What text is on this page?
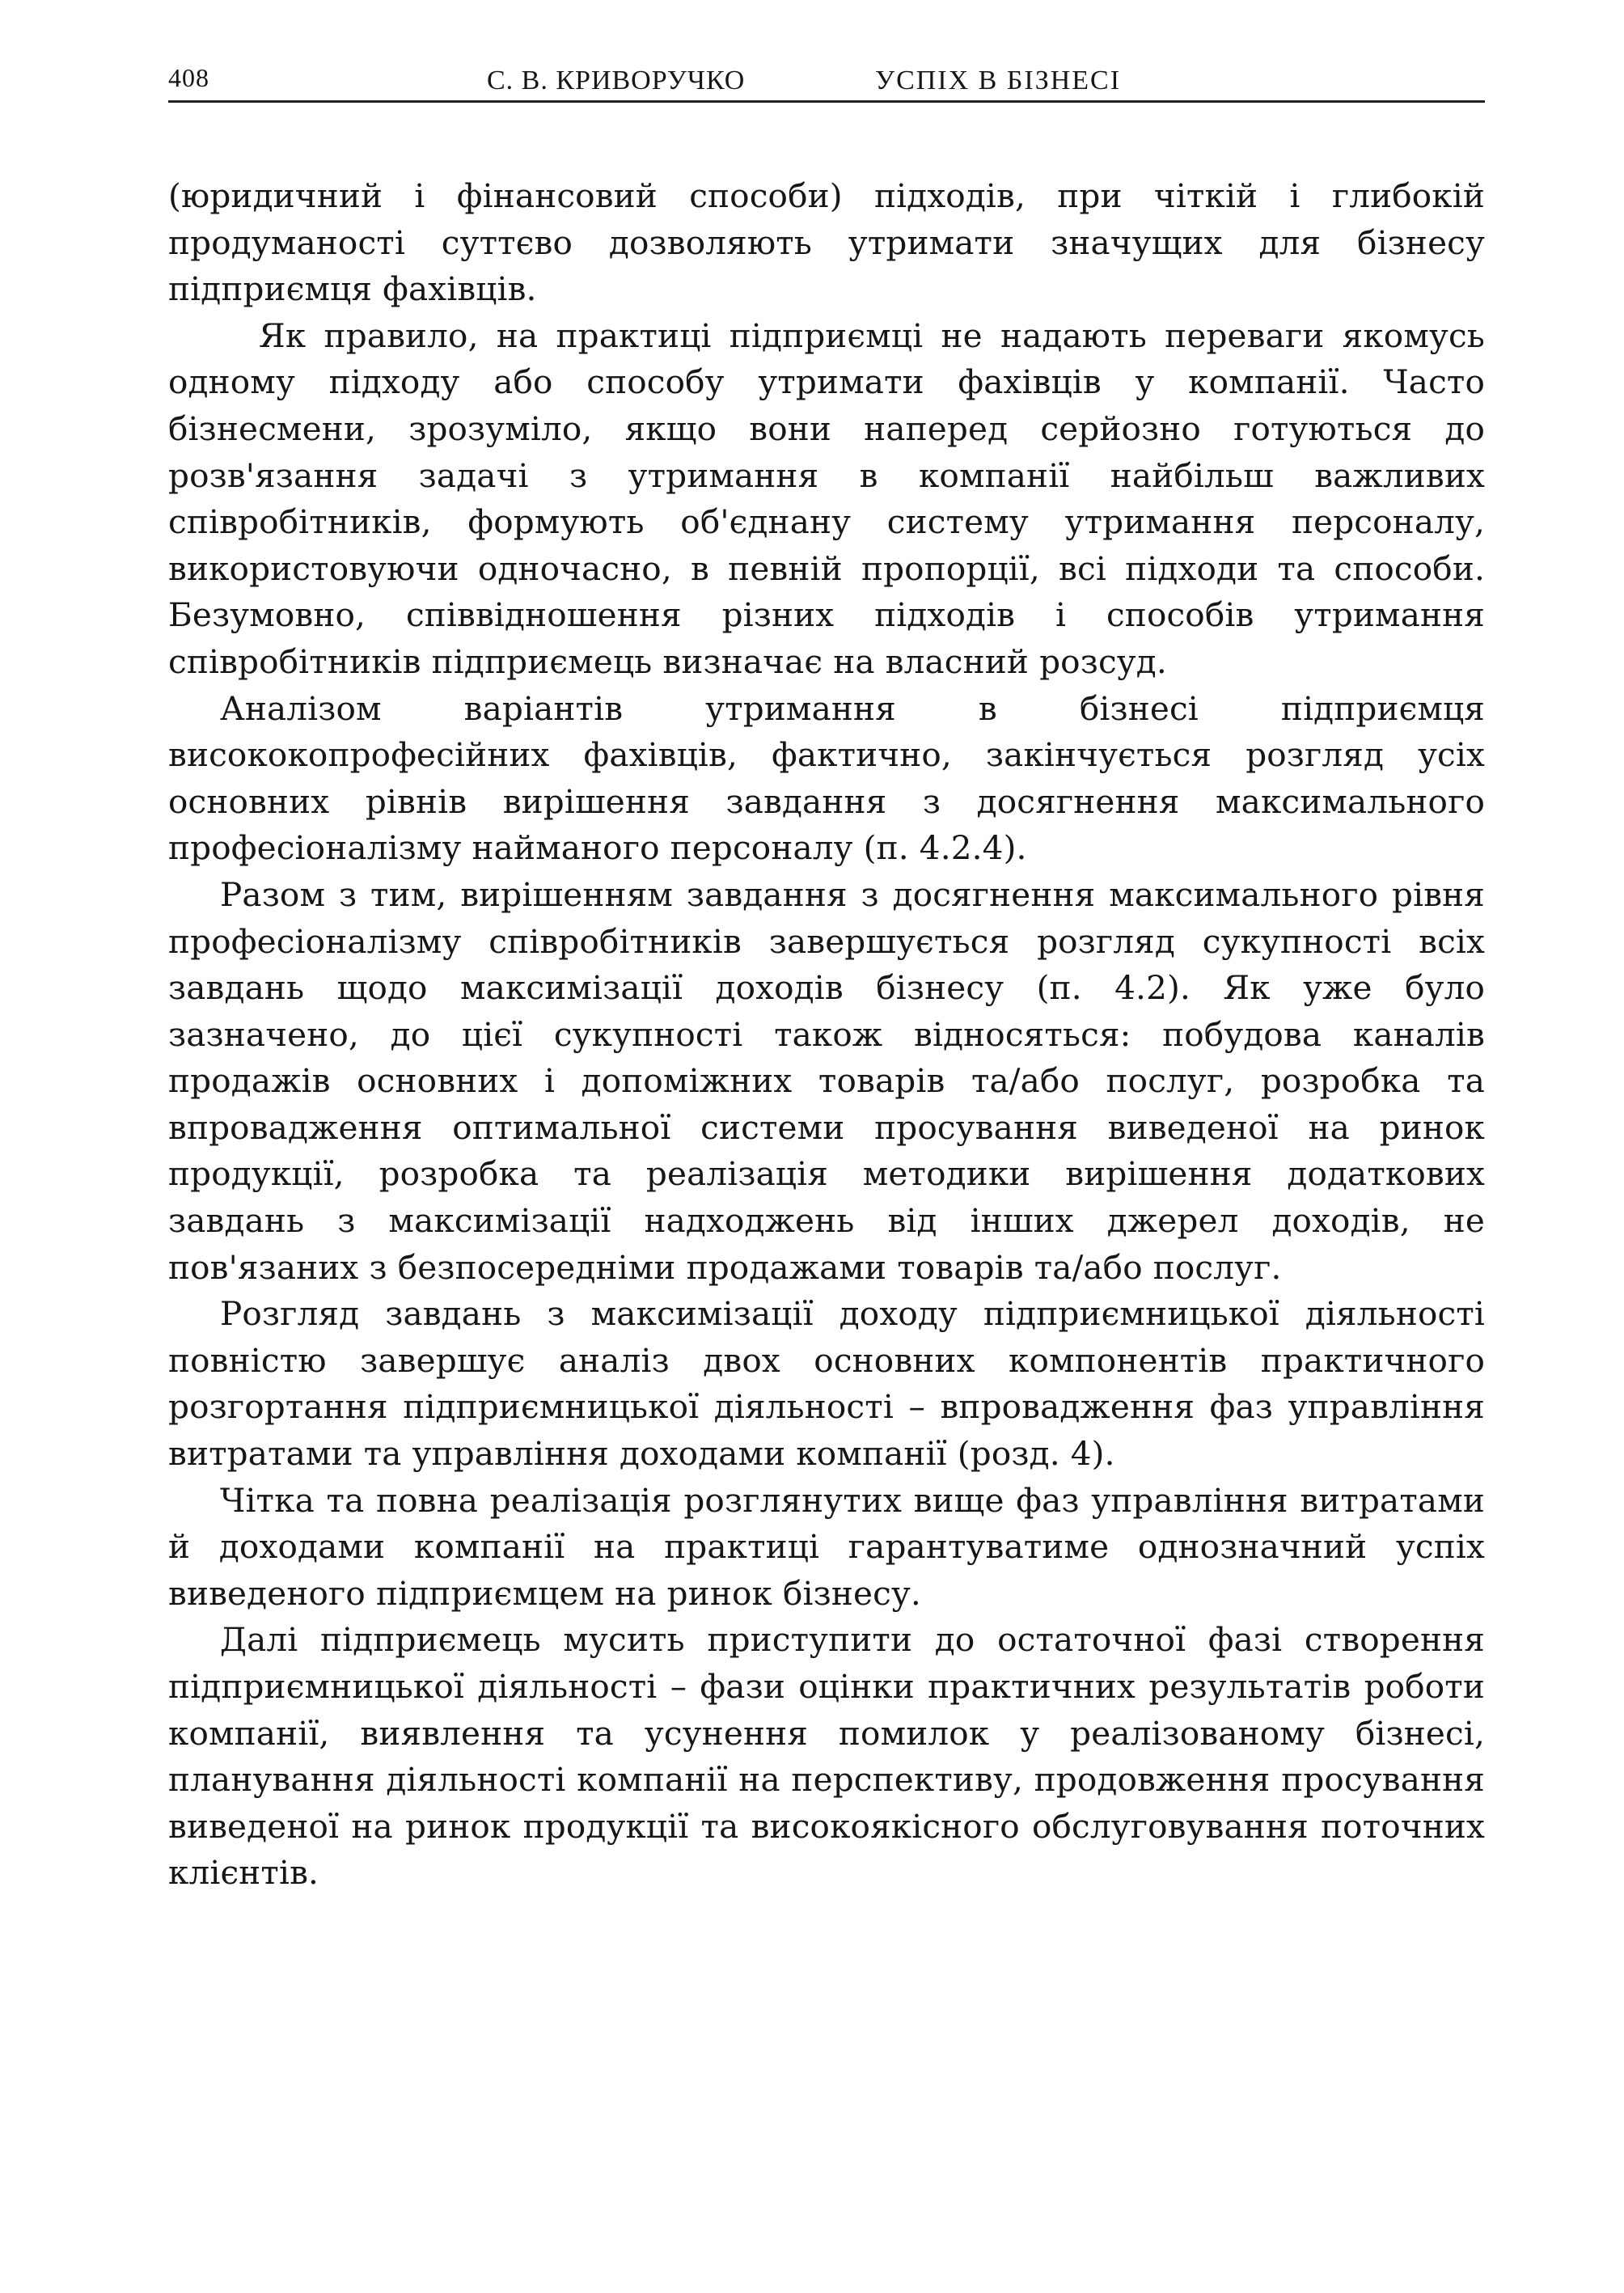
408	С. В. КРИВОРУЧКО	УСПІХ В БІЗНЕСІ

(юридичний і фінансовий способи) підходів, при чіткій і глибокій продуманості суттєво дозволяють утримати значущих для бізнесу підприємця фахівців.

Як правило, на практиці підприємці не надають переваги якомусь одному підходу або способу утримати фахівців у компанії. Часто бізнесмени, зрозуміло, якщо вони наперед серйозно готуються до розв'язання задачі з утримання в компанії найбільш важливих співробітників, формують об'єднану систему утримання персоналу, використовуючи одночасно, в певній пропорції, всі підходи та способи. Безумовно, співвідношення різних підходів і способів утримання співробітників підприємець визначає на власний розсуд.

Аналізом варіантів утримання в бізнесі підприємця висококопрофесійних фахівців, фактично, закінчується розгляд усіх основних рівнів вирішення завдання з досягнення максимального професіоналізму найманого персоналу (п. 4.2.4).

Разом з тим, вирішенням завдання з досягнення максимального рівня професіоналізму співробітників завершується розгляд сукупності всіх завдань щодо максимізації доходів бізнесу (п. 4.2). Як уже було зазначено, до цієї сукупності також відносяться: побудова каналів продажів основних і допоміжних товарів та/або послуг, розробка та впровадження оптимальної системи просування виведеної на ринок продукції, розробка та реалізація методики вирішення додаткових завдань з максимізації надходжень від інших джерел доходів, не пов'язаних з безпосередніми продажами товарів та/або послуг.

Розгляд завдань з максимізації доходу підприємницької діяльності повністю завершує аналіз двох основних компонентів практичного розгортання підприємницької діяльності – впровадження фаз управління витратами та управління доходами компанії (розд. 4).

Чітка та повна реалізація розглянутих вище фаз управління витратами й доходами компанії на практиці гарантуватиме однозначний успіх виведеного підприємцем на ринок бізнесу.

Далі підприємець мусить приступити до остаточної фазі створення підприємницької діяльності – фази оцінки практичних результатів роботи компанії, виявлення та усунення помилок у реалізованому бізнесі, планування діяльності компанії на перспективу, продовження просування виведеної на ринок продукції та високоякісного обслуговування поточних клієнтів.
